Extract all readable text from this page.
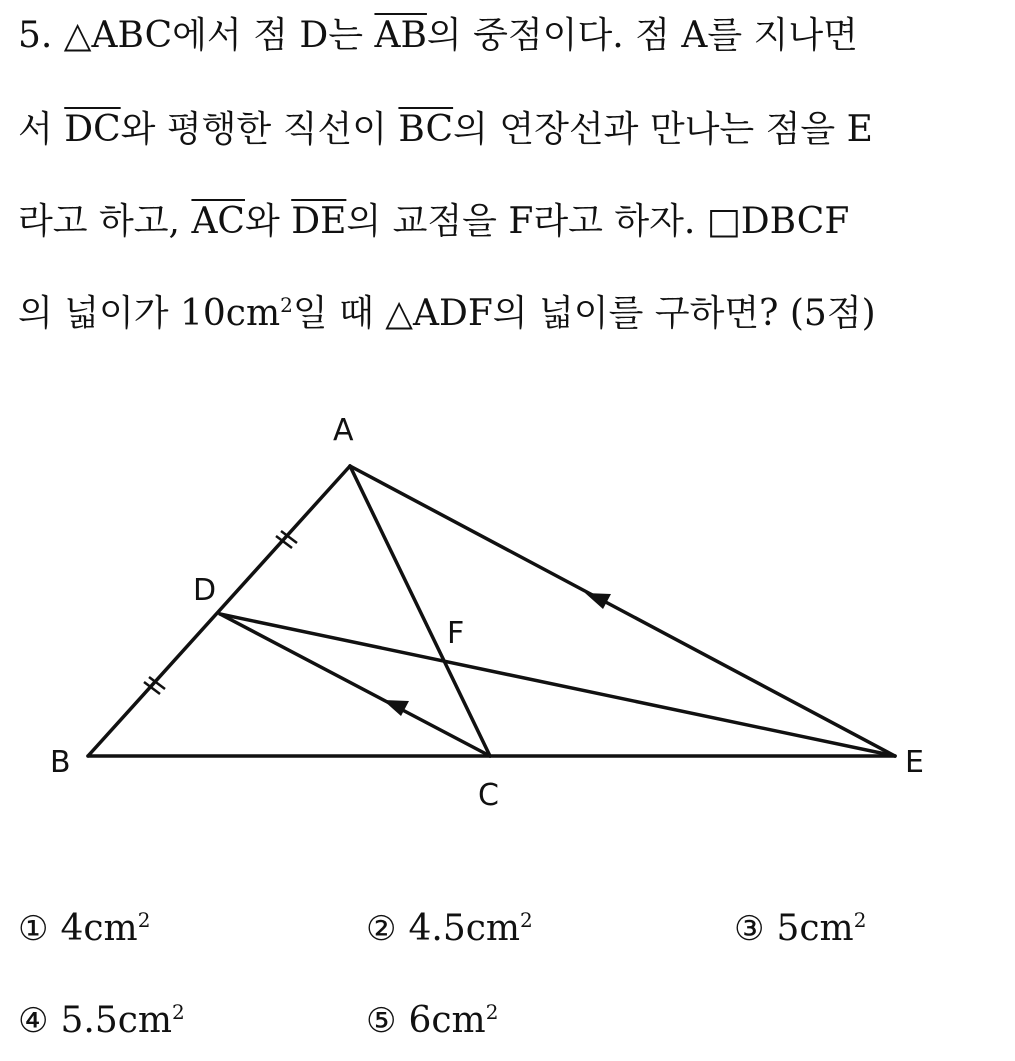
5. △ABC에서 점 D는 $\overline{AB}$의 중점이다. 점 A를 지나면
서 $\overline{DC}$와 평행한 직선이 $\overline{BC}$의 연장선과 만나는 점을 E
라고 하고, $\overline{AC}$와 $\overline{DE}$의 교점을 F라고 하자. □DBCF
의 넓이가 $10cm^2$일 때 △ADF의 넓이를 구하면? (5점)
A
B
C
D
E
F
① $4cm^2$	② $4.5cm^2$	③ $5cm^2$
④ $5.5cm^2$	⑤ $6cm^2$
